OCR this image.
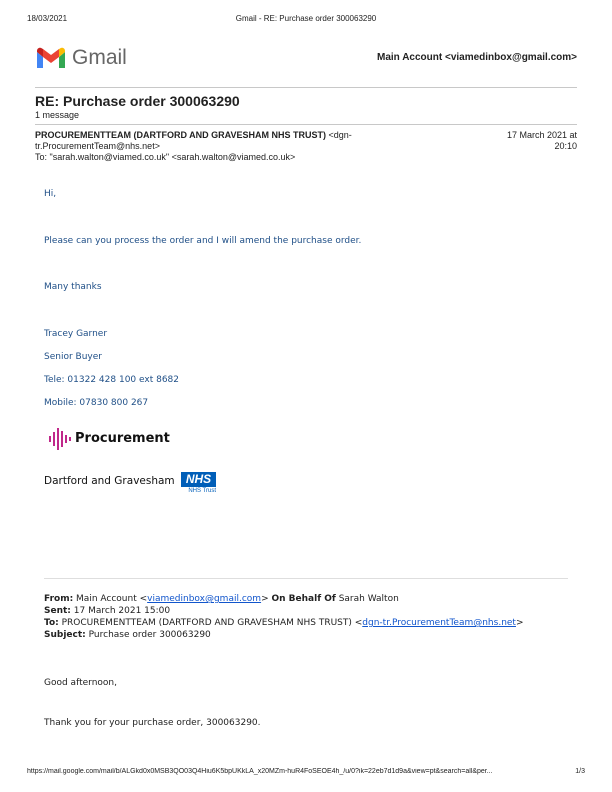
18/03/2021	Gmail - RE: Purchase order 300063290
Gmail	Main Account <viamedinbox@gmail.com>
RE: Purchase order 300063290
1 message
PROCUREMENTTEAM (DARTFORD AND GRAVESHAM NHS TRUST) <dgn-
tr.ProcurementTeam@nhs.net>
To: "sarah.walton@viamed.co.uk" <sarah.walton@viamed.co.uk>
17 March 2021 at
20:10
Hi,
Please can you process the order and I will amend the purchase order.
Many thanks
Tracey Garner
Senior Buyer
Tele: 01322 428 100 ext 8682
Mobile: 07830 800 267
Procurement
Dartford and Gravesham NHS
NHS Trust
From: Main Account <viamedinbox@gmail.com> On Behalf Of Sarah Walton
Sent: 17 March 2021 15:00
To: PROCUREMENTTEAM (DARTFORD AND GRAVESHAM NHS TRUST) <dgn-tr.ProcurementTeam@nhs.net>
Subject: Purchase order 300063290
Good afternoon,
Thank you for your purchase order, 300063290.
https://mail.google.com/mail/b/ALGkd0x0MSB3QO03Q4Hiu6K5bpUKkLA_x20MZm-huR4FoSEOE4h_/u/0?ik=22eb7d1d9a&view=pt&search=all&per...	1/3
